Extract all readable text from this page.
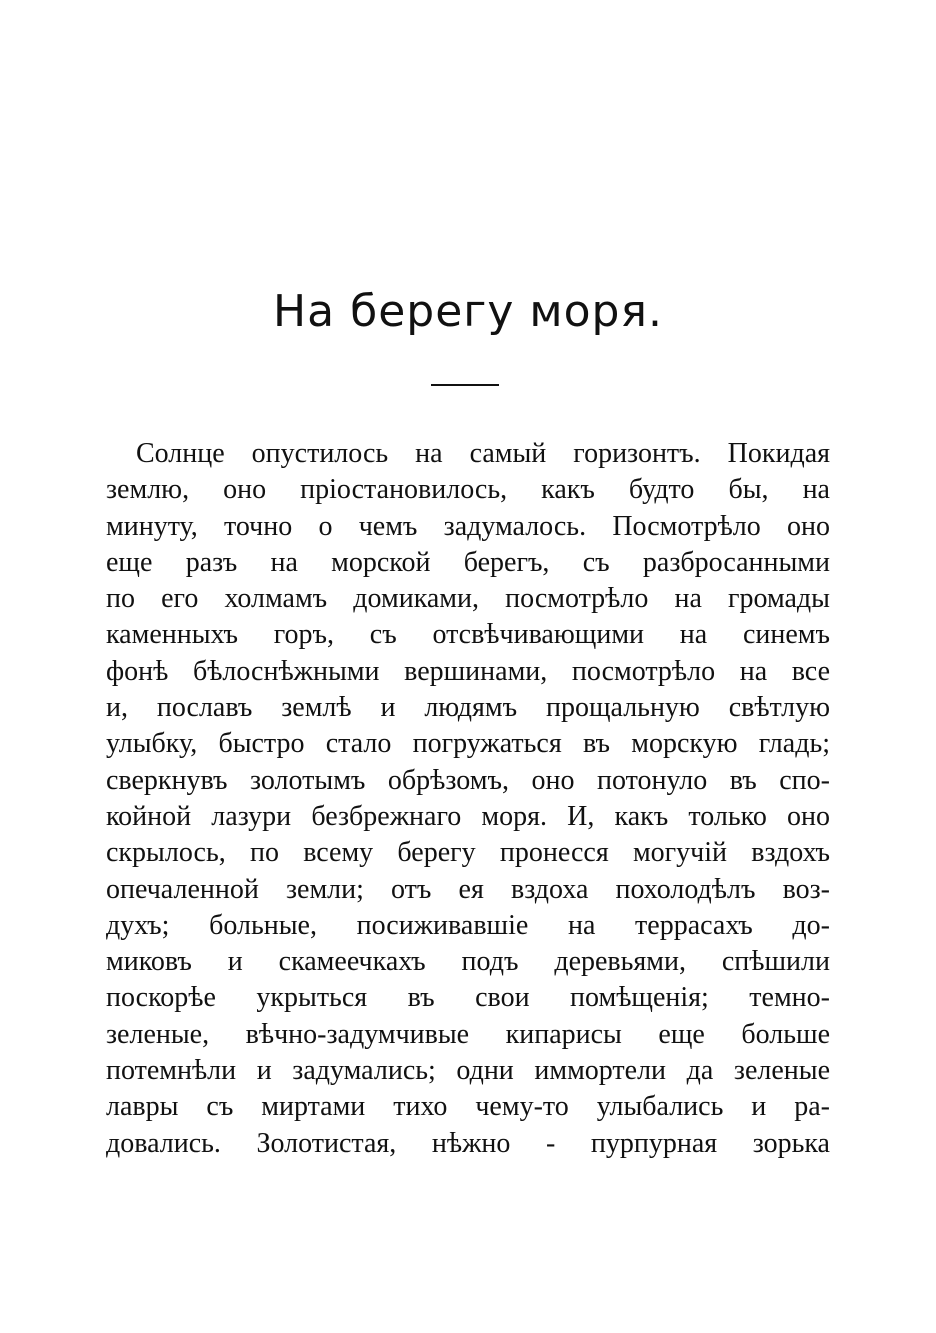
На берегу моря.
Солнце опустилось на самый горизонтъ. Покидая
землю, оно пріостановилось, какъ будто бы, на
минуту, точно о чемъ задумалось. Посмотрѣло оно
еще разъ на морской берегъ, съ разбросанными
по его холмамъ домиками, посмотрѣло на громады
каменныхъ горъ, съ отсвѣчивающими на синемъ
фонѣ бѣлоснѣжными вершинами, посмотрѣло на все
и, пославъ землѣ и людямъ прощальную свѣтлую
улыбку, быстро стало погружаться въ морскую гладь;
сверкнувъ золотымъ обрѣзомъ, оно потонуло въ спо-
койной лазури безбрежнаго моря. И, какъ только оно
скрылось, по всему берегу пронесся могучій вздохъ
опечаленной земли; отъ ея вздоха похолодѣлъ воз-
духъ; больные, посиживавшіе на террасахъ до-
миковъ и скамеечкахъ подъ деревьями, спѣшили
поскорѣе укрыться въ свои помѣщенія; темно-
зеленые, вѣчно-задумчивые кипарисы еще больше
потемнѣли и задумались; одни иммортели да зеленые
лавры съ миртами тихо чему-то улыбались и ра-
довались. Золотистая, нѣжно - пурпурная зорька
